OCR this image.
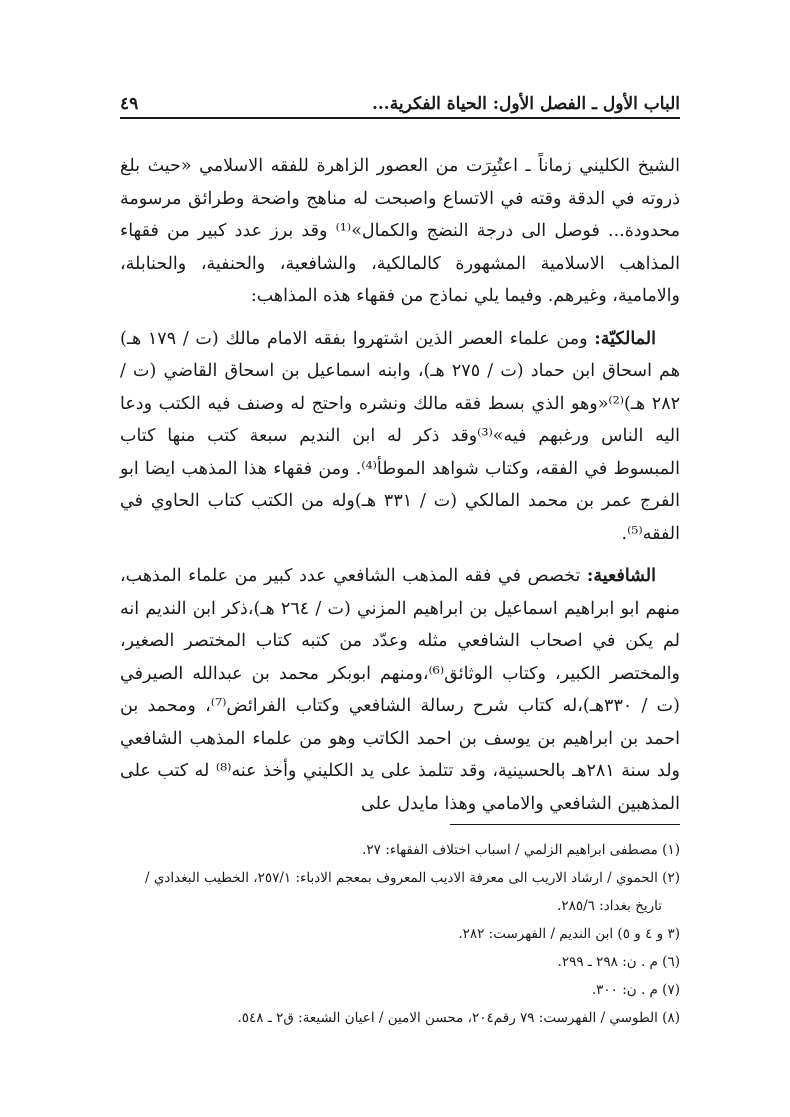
الباب الأول ـ الفصل الأول: الحياة الفكرية...
٤٩

الشيخ الكليني زماناً ـ اعتُبِرَت من العصور الزاهرة للفقه الاسلامي «حيث بلغ ذروته في الدقة وقته في الاتساع واصبحت له مناهج واضحة وطرائق مرسومة محدودة... فوصل الى درجة النضج والكمال»⁽¹⁾ وقد برز عدد كبير من فقهاء المذاهب الاسلامية المشهورة كالمالكية، والشافعية، والحنفية، والحنابلة، والامامية، وغيرهم. وفيما يلي نماذج من فقهاء هذه المذاهب:

المالكيّة: ومن علماء العصر الذين اشتهروا بفقه الامام مالك (ت / ١٧٩ هـ) هم اسحاق ابن حماد (ت / ٢٧٥ هـ)، وابنه اسماعيل بن اسحاق القاضي (ت / ٢٨٢ هـ)⁽²⁾«وهو الذي بسط فقه مالك ونشره واحتج له وصنف فيه الكتب ودعا اليه الناس ورغبهم فيه»⁽³⁾وقد ذكر له ابن النديم سبعة كتب منها كتاب المبسوط في الفقه، وكتاب شواهد الموطأ⁽⁴⁾. ومن فقهاء هذا المذهب ايضا ابو الفرج عمر بن محمد المالكي (ت / ٣٣١ هـ)وله من الكتب كتاب الحاوي في الفقه⁽⁵⁾.

الشافعية: تخصص في فقه المذهب الشافعي عدد كبير من علماء المذهب، منهم ابو ابراهيم اسماعيل بن ابراهيم المزني (ت / ٢٦٤ هـ)،ذكر ابن النديم انه لم يكن في اصحاب الشافعي مثله وعدّد من كتبه كتاب المختصر الصغير، والمختصر الكبير، وكتاب الوثائق⁽⁶⁾،ومنهم ابوبكر محمد بن عبدالله الصيرفي (ت / ٣٣٠هـ)،له كتاب شرح رسالة الشافعي وكتاب الفرائض⁽⁷⁾، ومحمد بن احمد بن ابراهيم بن يوسف بن احمد الكاتب وهو من علماء المذهب الشافعي ولد سنة ٢٨١هـ بالحسينية، وقد تتلمذ على يد الكليني وأخذ عنه⁽⁸⁾ له كتب على المذهبين الشافعي والامامي وهذا مايدل على

(١) مصطفى ابراهيم الزلمي / اسباب اختلاف الفقهاء: ٢٧.

(٢) الحموي / ارشاد الاريب الى معرفة الاديب المعروف بمعجم الادباء: ٢٥٧/١، الخطيب البغدادي /

تاريخ بغداد: ٢٨٥/٦.

(٣ و ٤ و ٥) ابن النديم / الفهرست: ٢٨٢.

(٦) م . ن: ٢٩٨ ـ ٢٩٩.

(٧) م . ن: ٣٠٠.

(٨) الطوسي / الفهرست: ٧٩ رقم٢٠٤، محسن الامين / اعيان الشيعة: ق٢ ـ ٥٤٨.
